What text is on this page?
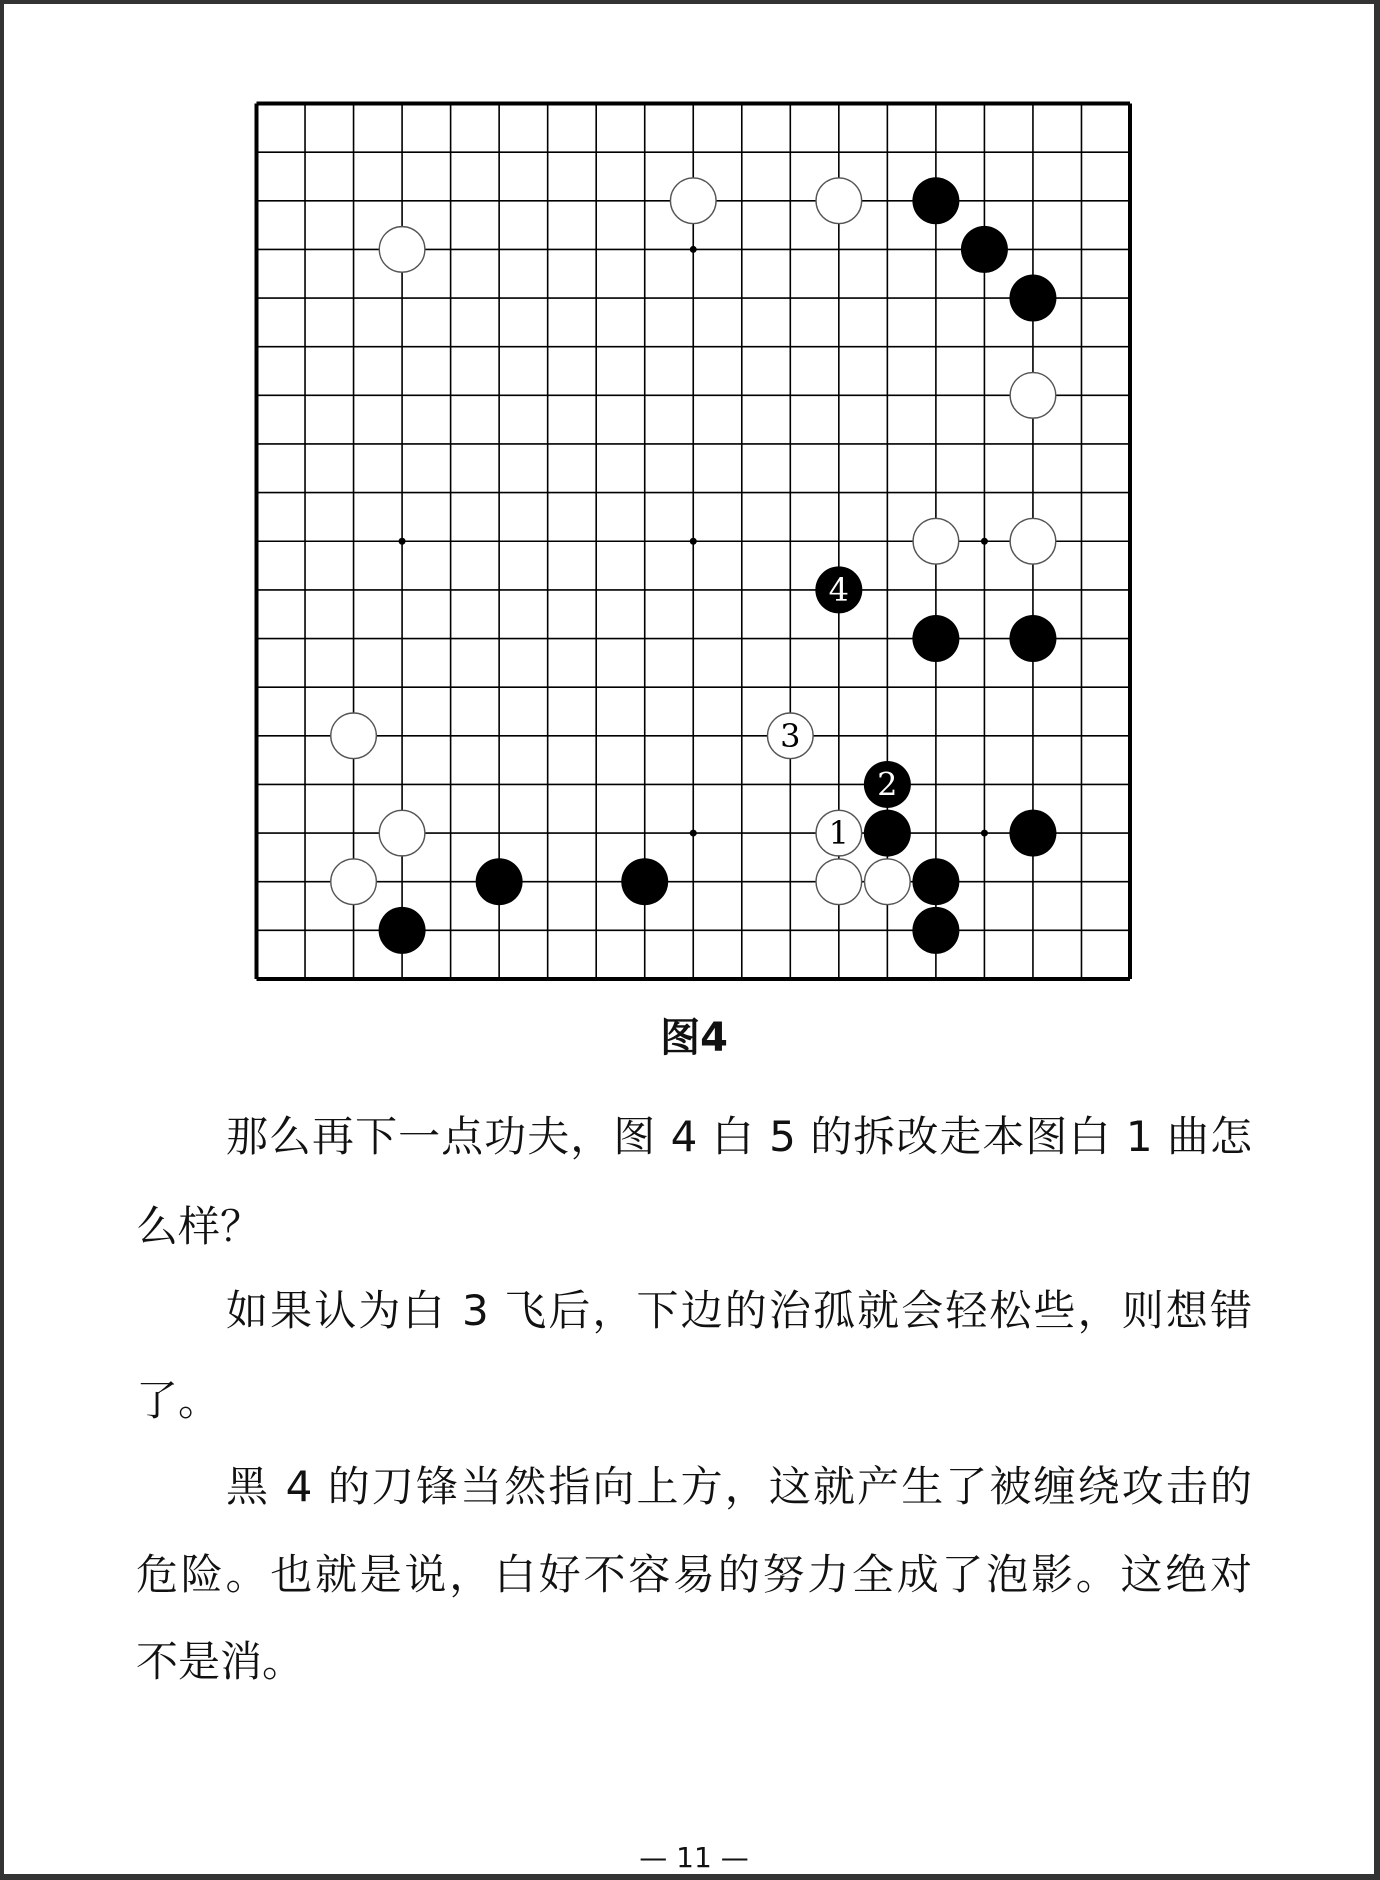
4
3
2
1
图4
那么再下一点功夫，图 4 白 5 的拆改走本图白 1 曲怎
么样？
如果认为白 3 飞后，下边的治孤就会轻松些，则想错
了。
黑 4 的刀锋当然指向上方，这就产生了被缠绕攻击的
危险。也就是说，白好不容易的努力全成了泡影。这绝对
不是消。
— 11 —
